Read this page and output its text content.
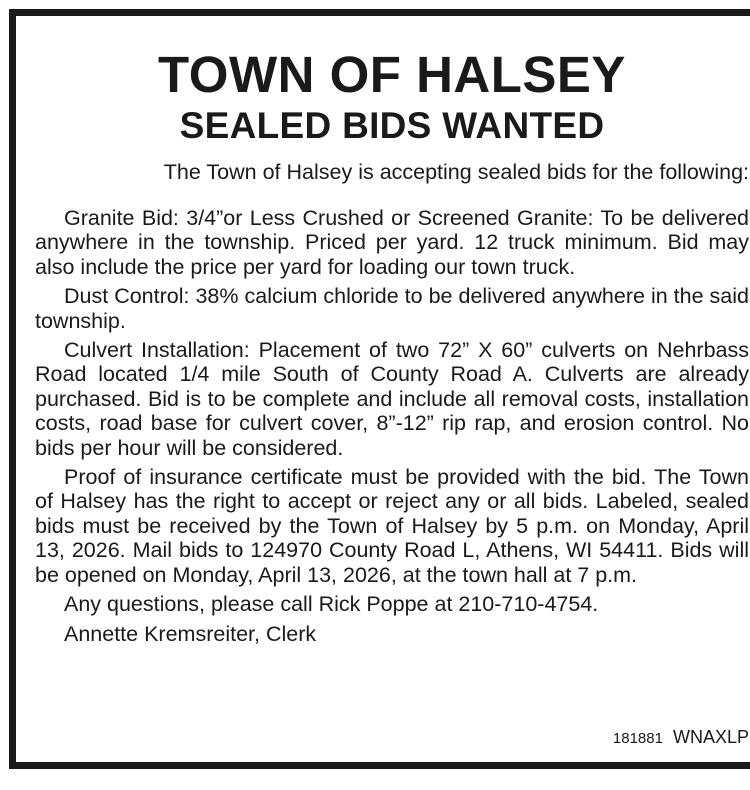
TOWN OF HALSEY
SEALED BIDS WANTED
The Town of Halsey is accepting sealed bids for the following:

Granite Bid: 3/4”or Less Crushed or Screened Granite: To be delivered anywhere in the township. Priced per yard. 12 truck minimum. Bid may also include the price per yard for loading our town truck.

Dust Control: 38% calcium chloride to be delivered anywhere in the said township.

Culvert Installation: Placement of two 72” X 60” culverts on Nehrbass Road located 1/4 mile South of County Road A. Culverts are already purchased. Bid is to be complete and include all removal costs, installation costs, road base for culvert cover, 8”-12” rip rap, and erosion control. No bids per hour will be considered.

Proof of insurance certificate must be provided with the bid. The Town of Halsey has the right to accept or reject any or all bids. Labeled, sealed bids must be received by the Town of Halsey by 5 p.m. on Monday, April 13, 2026. Mail bids to 124970 County Road L, Athens, WI 54411. Bids will be opened on Monday, April 13, 2026, at the town hall at 7 p.m.

Any questions, please call Rick Poppe at 210-710-4754.
Annette Kremsreiter, Clerk
181881 WNAXLP
